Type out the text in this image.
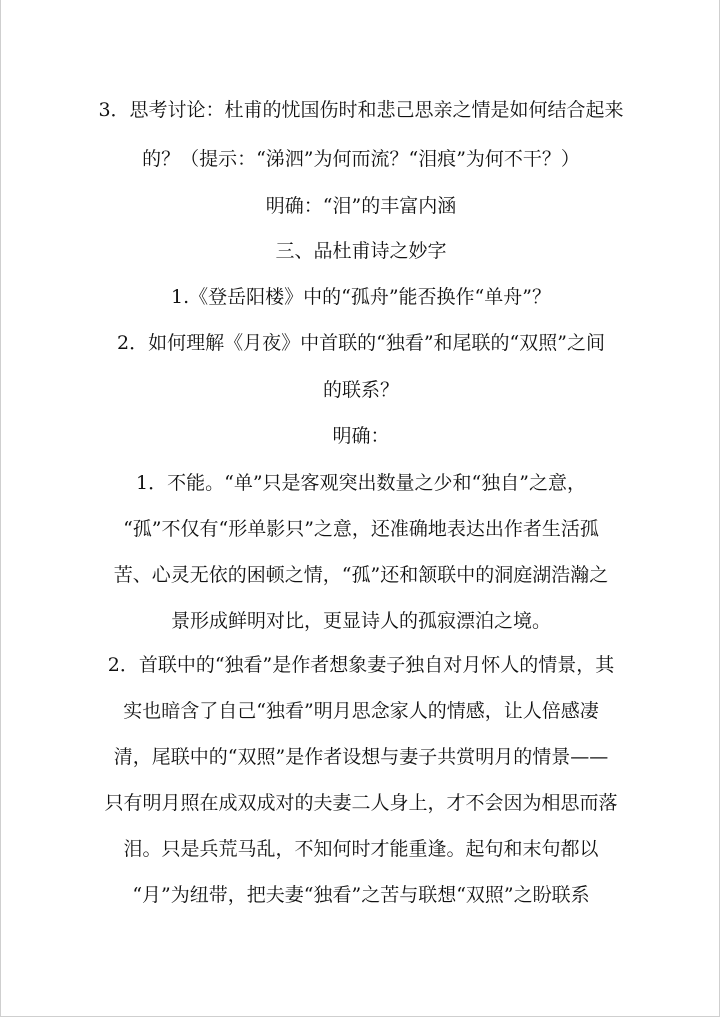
3．思考讨论：杜甫的忧国伤时和悲己思亲之情是如何结合起来
的？（提示：“涕泗”为何而流？“泪痕”为何不干？）
明确：“泪”的丰富内涵
三、品杜甫诗之妙字
1.《登岳阳楼》中的“孤舟”能否换作“单舟”？
2．如何理解《月夜》中首联的“独看”和尾联的“双照”之间
的联系？
明确：
1．不能。“单”只是客观突出数量之少和“独自”之意，
“孤”不仅有“形单影只”之意，还准确地表达出作者生活孤
苦、心灵无依的困顿之情，“孤”还和颔联中的洞庭湖浩瀚之
景形成鲜明对比，更显诗人的孤寂漂泊之境。
2．首联中的“独看”是作者想象妻子独自对月怀人的情景，其
实也暗含了自己“独看”明月思念家人的情感，让人倍感凄
清，尾联中的“双照”是作者设想与妻子共赏明月的情景——
只有明月照在成双成对的夫妻二人身上，才不会因为相思而落
泪。只是兵荒马乱，不知何时才能重逢。起句和末句都以
“月”为纽带，把夫妻“独看”之苦与联想“双照”之盼联系
